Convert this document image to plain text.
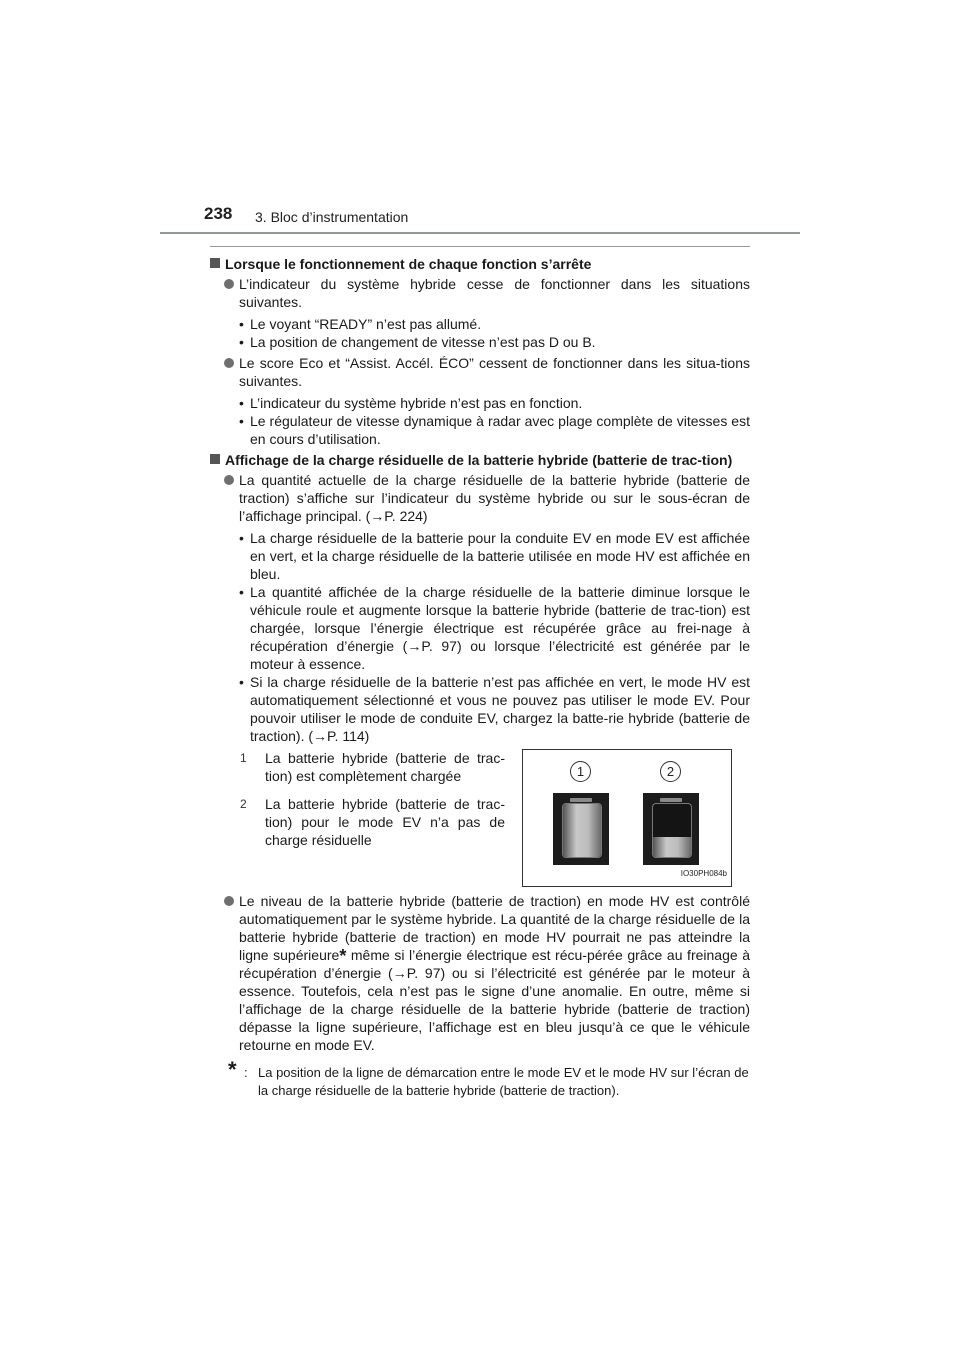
238 3. Bloc d’instrumentation
Lorsque le fonctionnement de chaque fonction s’arrête
L’indicateur du système hybride cesse de fonctionner dans les situations suivantes.
• Le voyant “READY” n’est pas allumé.
• La position de changement de vitesse n’est pas D ou B.
Le score Eco et “Assist. Accél. ÉCO” cessent de fonctionner dans les situa-tions suivantes.
• L’indicateur du système hybride n’est pas en fonction.
• Le régulateur de vitesse dynamique à radar avec plage complète de vitesses est en cours d’utilisation.
Affichage de la charge résiduelle de la batterie hybride (batterie de trac-tion)
La quantité actuelle de la charge résiduelle de la batterie hybride (batterie de traction) s’affiche sur l’indicateur du système hybride ou sur le sous-écran de l’affichage principal. (→P. 224)
• La charge résiduelle de la batterie pour la conduite EV en mode EV est affichée en vert, et la charge résiduelle de la batterie utilisée en mode HV est affichée en bleu.
• La quantité affichée de la charge résiduelle de la batterie diminue lorsque le véhicule roule et augmente lorsque la batterie hybride (batterie de trac-tion) est chargée, lorsque l’énergie électrique est récupérée grâce au frei-nage à récupération d’énergie (→P. 97) ou lorsque l’électricité est générée par le moteur à essence.
• Si la charge résiduelle de la batterie n’est pas affichée en vert, le mode HV est automatiquement sélectionné et vous ne pouvez pas utiliser le mode EV. Pour pouvoir utiliser le mode de conduite EV, chargez la batte-rie hybride (batterie de traction). (→P. 114)
1	La batterie hybride (batterie de trac-tion) est complètement chargée
2	La batterie hybride (batterie de trac-tion) pour le mode EV n’a pas de charge résiduelle
1	2
IO30PH084b
Le niveau de la batterie hybride (batterie de traction) en mode HV est contrôlé automatiquement par le système hybride. La quantité de la charge résiduelle de la batterie hybride (batterie de traction) en mode HV pourrait ne pas atteindre la ligne supérieure* même si l’énergie électrique est récu-pérée grâce au freinage à récupération d’énergie (→P. 97) ou si l’électricité est générée par le moteur à essence. Toutefois, cela n’est pas le signe d’une anomalie. En outre, même si l’affichage de la charge résiduelle de la batterie hybride (batterie de traction) dépasse la ligne supérieure, l’affichage est en bleu jusqu’à ce que le véhicule retourne en mode EV.
* : La position de la ligne de démarcation entre le mode EV et le mode HV sur l’écran de la charge résiduelle de la batterie hybride (batterie de traction).
